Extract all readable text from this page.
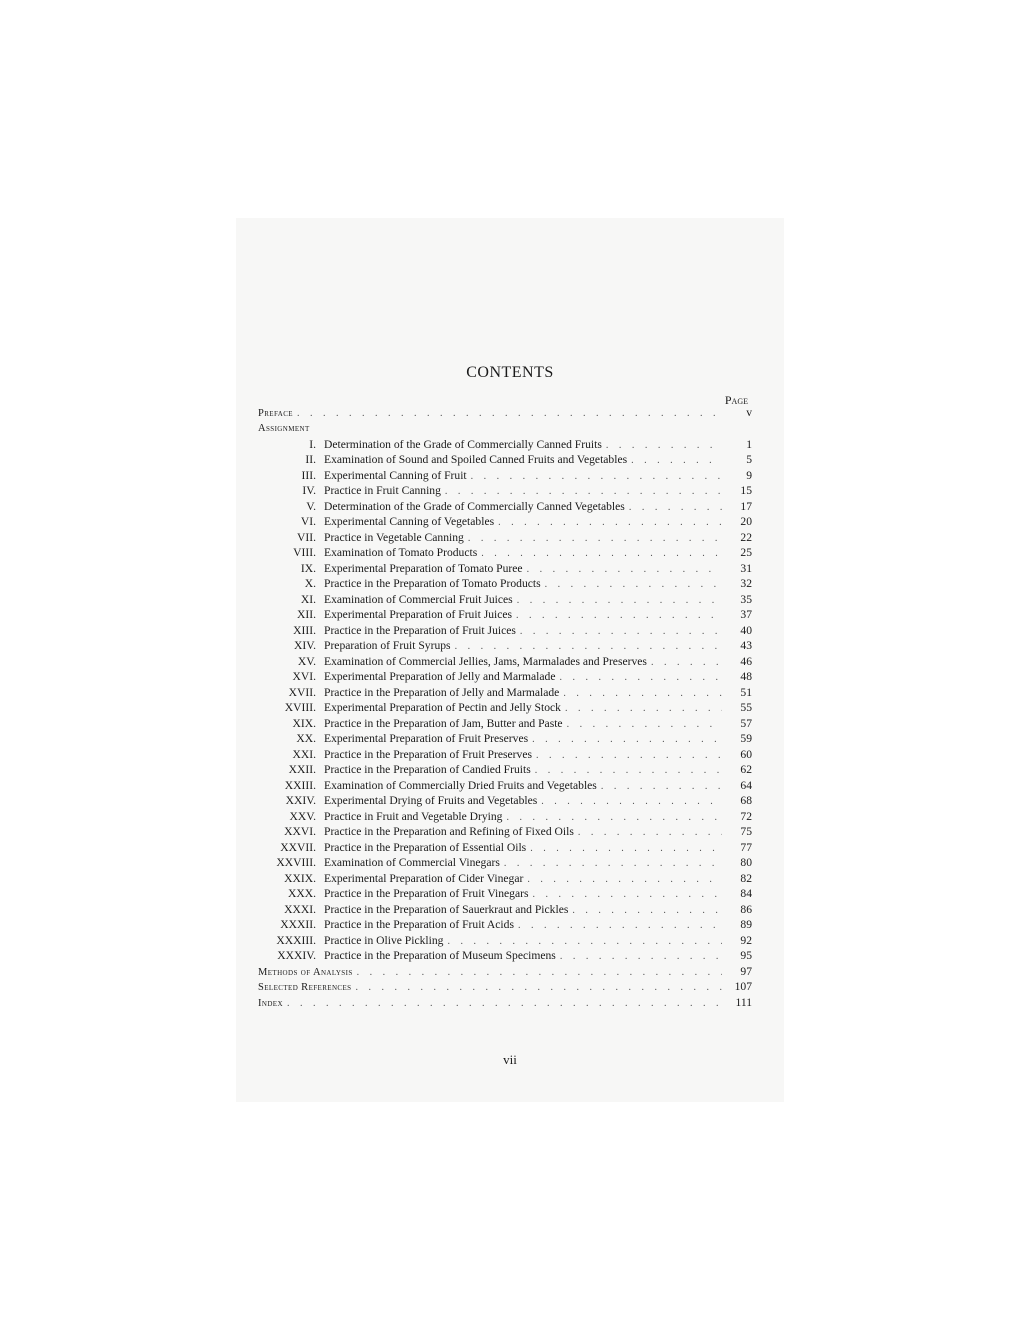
CONTENTS
Page
Preface . . .	v
Assignment
I. Determination of the Grade of Commercially Canned Fruits . . .	1
II. Examination of Sound and Spoiled Canned Fruits and Vegetables . . .	5
III. Experimental Canning of Fruit . . .	9
IV. Practice in Fruit Canning . . .	15
V. Determination of the Grade of Commercially Canned Vegetables . . .	17
VI. Experimental Canning of Vegetables . . .	20
VII. Practice in Vegetable Canning . . .	22
VIII. Examination of Tomato Products . . .	25
IX. Experimental Preparation of Tomato Puree . . .	31
X. Practice in the Preparation of Tomato Products . . .	32
XI. Examination of Commercial Fruit Juices . . .	35
XII. Experimental Preparation of Fruit Juices . . .	37
XIII. Practice in the Preparation of Fruit Juices . . .	40
XIV. Preparation of Fruit Syrups . . .	43
XV. Examination of Commercial Jellies, Jams, Marmalades and Preserves . . .	46
XVI. Experimental Preparation of Jelly and Marmalade . . .	48
XVII. Practice in the Preparation of Jelly and Marmalade . . .	51
XVIII. Experimental Preparation of Pectin and Jelly Stock . . .	55
XIX. Practice in the Preparation of Jam, Butter and Paste . . .	57
XX. Experimental Preparation of Fruit Preserves . . .	59
XXI. Practice in the Preparation of Fruit Preserves . . .	60
XXII. Practice in the Preparation of Candied Fruits . . .	62
XXIII. Examination of Commercially Dried Fruits and Vegetables . . .	64
XXIV. Experimental Drying of Fruits and Vegetables . . .	68
XXV. Practice in Fruit and Vegetable Drying . . .	72
XXVI. Practice in the Preparation and Refining of Fixed Oils . . .	75
XXVII. Practice in the Preparation of Essential Oils . . .	77
XXVIII. Examination of Commercial Vinegars . . .	80
XXIX. Experimental Preparation of Cider Vinegar . . .	82
XXX. Practice in the Preparation of Fruit Vinegars . . .	84
XXXI. Practice in the Preparation of Sauerkraut and Pickles . . .	86
XXXII. Practice in the Preparation of Fruit Acids . . .	89
XXXIII. Practice in Olive Pickling . . .	92
XXXIV. Practice in the Preparation of Museum Specimens . . .	95
Methods of Analysis . . .	97
Selected References . . .	107
Index . . .	111
vii
